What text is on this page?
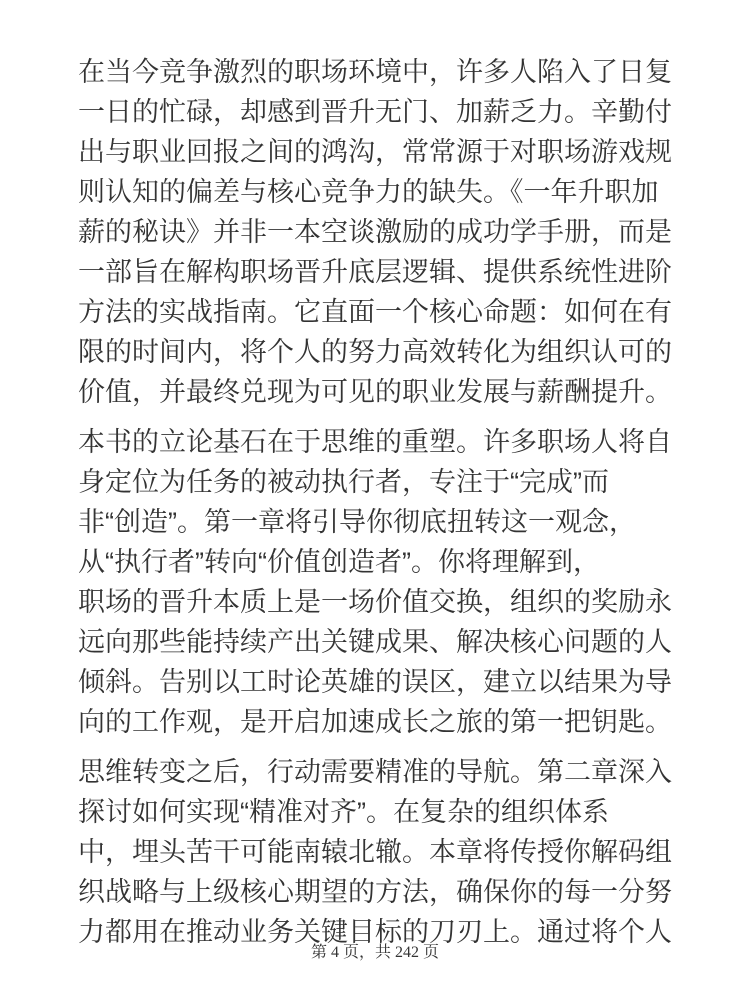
在当今竞争激烈的职场环境中，许多人陷入了日复
一日的忙碌，却感到晋升无门、加薪乏力。辛勤付
出与职业回报之间的鸿沟，常常源于对职场游戏规
则认知的偏差与核心竞争力的缺失。《一年升职加
薪的秘诀》并非一本空谈激励的成功学手册，而是
一部旨在解构职场晋升底层逻辑、提供系统性进阶
方法的实战指南。它直面一个核心命题：如何在有
限的时间内，将个人的努力高效转化为组织认可的
价值，并最终兑现为可见的职业发展与薪酬提升。
本书的立论基石在于思维的重塑。许多职场人将自
身定位为任务的被动执行者，专注于“完成”而
非“创造”。第一章将引导你彻底扭转这一观念，
从“执行者”转向“价值创造者”。你将理解到，
职场的晋升本质上是一场价值交换，组织的奖励永
远向那些能持续产出关键成果、解决核心问题的人
倾斜。告别以工时论英雄的误区，建立以结果为导
向的工作观，是开启加速成长之旅的第一把钥匙。
思维转变之后，行动需要精准的导航。第二章深入
探讨如何实现“精准对齐”。在复杂的组织体系
中，埋头苦干可能南辕北辙。本章将传授你解码组
织战略与上级核心期望的方法，确保你的每一分努
力都用在推动业务关键目标的刀刃上。通过将个人
第 4 页，共 242 页
